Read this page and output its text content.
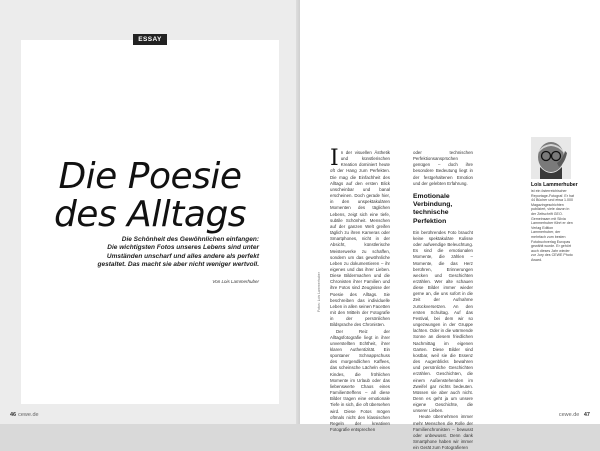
Die Poesie
des Alltags
Die Schönheit des Gewöhnlichen einfangen:
Die wichtigsten Fotos unseres Lebens sind unter
Umständen unscharf und alles andere als perfekt
gestaltet. Das macht sie aber nicht weniger wertvoll.
Von Lois Lammerhuber
ESSAY
46 cewe.de
Fotos: Lois Lammerhuber

In der visuellen Ästhetik und künstlerischen Kreation dominiert heute oft der Hang zum Perfekten. Die mag die Einfachheit des Alltags auf den ersten Blick unscheinbar und banal erscheinen. Doch gerade hier, in den unspektakulären Momenten des täglichen Lebens, zeigt sich eine tiefe, subtile Schönheit. Menschen auf der ganzen Welt greifen täglich zu ihren Kameras oder Smartphones, nicht in der Absicht, künstlerische Meisterwerke zu schaffen, sondern um das gewöhnliche Leben zu dokumentieren – ihr eigenes und das ihrer Lieben. Diese Bildermachen und die Chronisten ihrer Familien und ihre Fotos sind Zeugnisse der Poesie des Alltags. Sie beschreiben das individuelle Leben in allen seinen Facetten mit den Mitteln der Fotografie in der persönlichen Bildsprache des Chronisten.

Der Reiz der Alltagsfotografie liegt in ihrer unverstellten Echtheit, ihrer klaren Authentizität. Ein spontaner Schnappschuss des morgendlichen Kaffees, das scheinsche Lächeln eines Kindes, die fröhlichen Momente im Urlaub oder das liebenswerte Chaos eines Familientreffens – all diese Bilder tragen eine emotionale Tiefe in sich, die oft übersehen wird. Diese Fotos mögen oftmals nicht den klassischen Regeln der kreativen Fotografie entsprechen

oder technischen Perfektionsansprüchen genügen – doch ihre besondere Bedeutung liegt in der festgehaltenen Emotion und der gelebten Erfahrung.

Emotionale Verbindung, technische Perfektion

Ein berührendes Foto braucht keine spektakuläre Kulisse oder aufwendige Beleuchtung. Es sind die emotionalen Momente, die zählen – Momente, die das Herz berühren, Erinnerungen wecken und Geschichten erzählen. Wer alte schauen diese Bilder immer wieder gerne an, die uns sofort in die Zeit der Aufnahme zurückversetzen. An den ersten Schultag. Auf das Festival, bei dem wir so ungezwungen in der Gruppe lachten. Oder in die wärmende Sonne an diesem friedlichen Nachmittag im eigenen Garten. Diese Bilder sind kostbar, weil sie die Essenz des Augenblicks bewahren und persönliche Geschichten erzählen. Geschichten, die einem Außenstehenden im Zweifel gar nichts bedeuten. Müssen sie aber auch nicht. Denn es geht ja um unsere eigene Geschichte, die unserer Lieben.

Heute übernehmen immer mehr Menschen die Rolle der Familienchronisten – bewusst oder unbewusst. Denn dank Smartphone haben wir immer ein Gerät zum Fotografieren

Lois Lammerhuber
ist ein österreichischer Reportage-Fotograf. Er hat 44 Bücher und etwa 1.000 Magazingeschichten publiziert, viele davon in der Zeitschrift GEO. Gemeinsam mit Silvia Lammerhuber führt er den Verlag Edition Lammerhuber, der mehrfach zum besten Fotobuchverlag Europas gewählt wurde. Er gehört auch dieses Jahr wieder zur Jury des CEWE Photo Award.
cewe.de 47
